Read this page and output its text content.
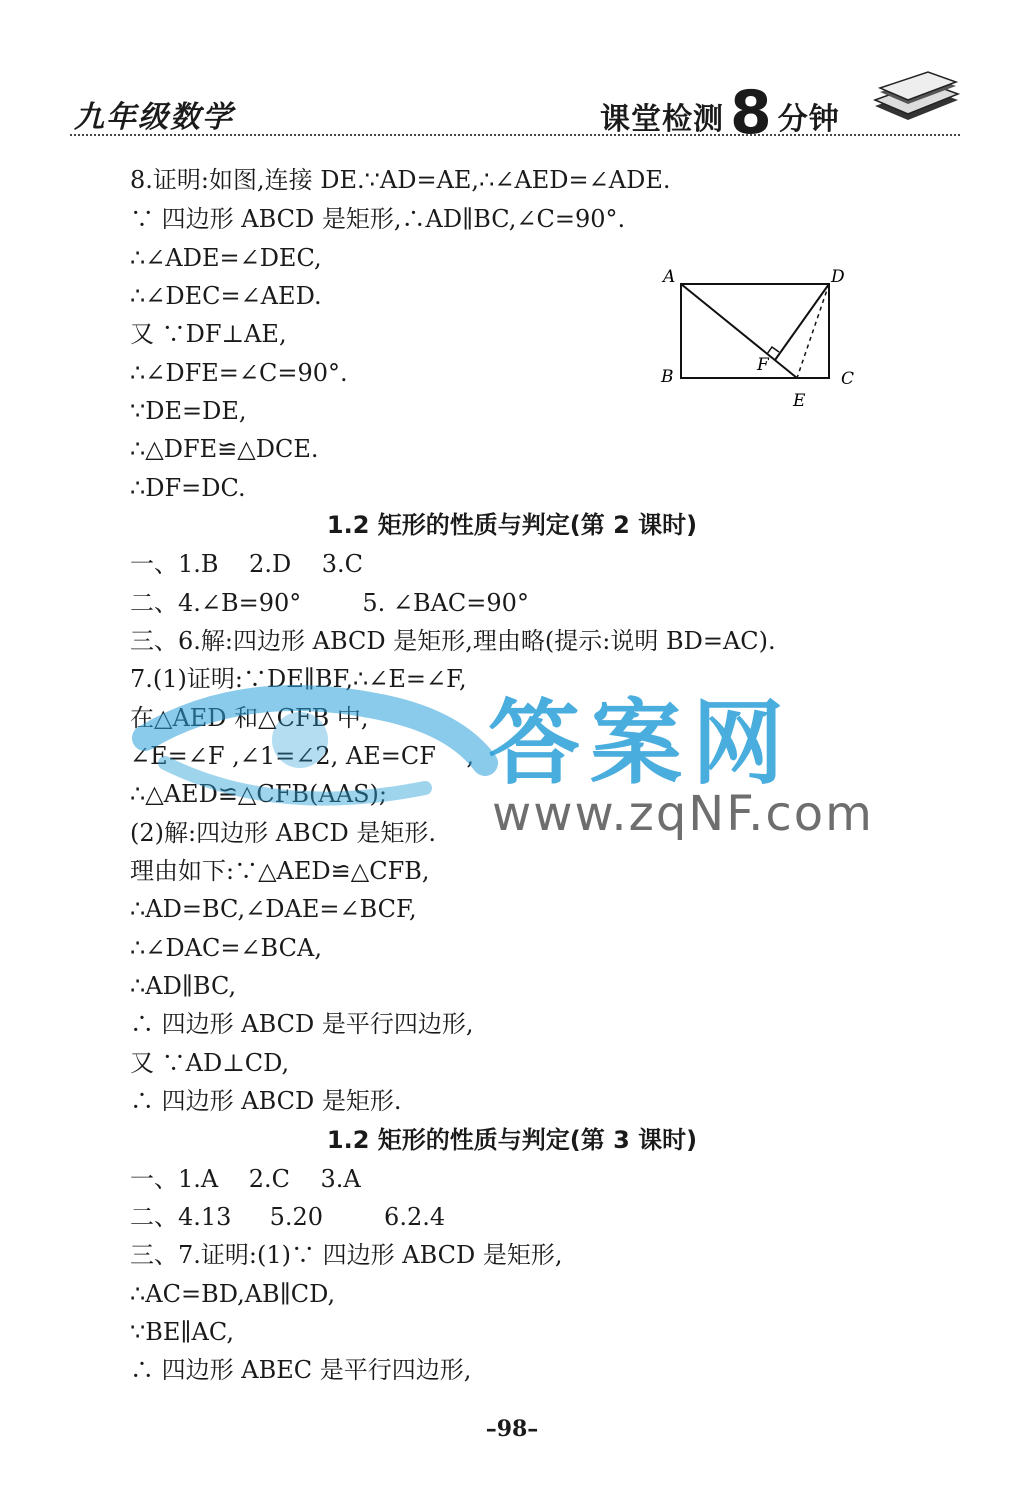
九年级数学	课堂检测 8 分钟
8.证明:如图,连接 DE.∵AD=AE,∴∠AED=∠ADE.
∵ 四边形 ABCD 是矩形,∴AD∥BC,∠C=90°.
∴∠ADE=∠DEC,
∴∠DEC=∠AED.
又 ∵DF⊥AE,
∴∠DFE=∠C=90°.
∵DE=DE,
∴△DFE≌△DCE.
∴DF=DC.
A	D
B	C
F
E
1.2 矩形的性质与判定(第 2 课时)
一、1.B    2.D    3.C
二、4.∠B=90°        5. ∠BAC=90°
三、6.解:四边形 ABCD 是矩形,理由略(提示:说明 BD=AC).
7.(1)证明:∵DE∥BF,∴∠E=∠F,
在△AED 和△CFB 中,
∠E=∠F ,∠1=∠2, AE=CF    ,
∴△AED≌△CFB(AAS);
(2)解:四边形 ABCD 是矩形.
理由如下:∵△AED≌△CFB,
∴AD=BC,∠DAE=∠BCF,
∴∠DAC=∠BCA,
∴AD∥BC,
∴ 四边形 ABCD 是平行四边形,
又 ∵AD⊥CD,
∴ 四边形 ABCD 是矩形.
1.2 矩形的性质与判定(第 3 课时)
一、1.A    2.C    3.A
二、4.13     5.20        6.2.4
三、7.证明:(1)∵ 四边形 ABCD 是矩形,
∴AC=BD,AB∥CD,
∵BE∥AC,
∴ 四边形 ABEC 是平行四边形,
答案网
www.zqNF.com
–98–
